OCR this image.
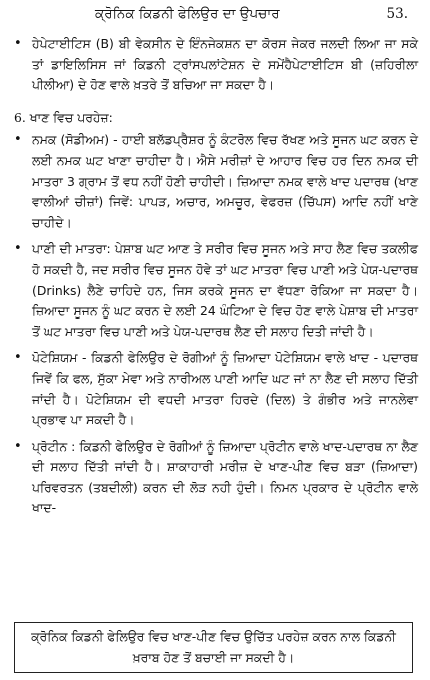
ਕ੍ਰੋਨਿਕ ਕਿਡਨੀ ਫੇਲਿਉਰ ਦਾ ਉਪਚਾਰ	53.
• ਹੇਪੇਟਾਈਟਿਸ (B) ਬੀ ਵੇਕਸੀਨ ਦੇ ਇੰਨਜੇਕਸ਼ਨ ਦਾ ਕੋਰਸ ਜੇਕਰ ਜਲਦੀ ਲਿਆ ਜਾ ਸਕੇ ਤਾਂ ਡਾਇਲਿਸਿਸ ਜਾਂ ਕਿਡਨੀ ਟ੍ਰਾਂਸਪਲਾਂਟੇਸ਼ਨ ਦੇ ਸਮੇਂਹੈਪੇਟਾਈਟਿਸ ਬੀ (ਜ਼ਹਿਰੀਲਾ ਪੀਲੀਆ) ਦੇ ਹੋਣ ਵਾਲੇ ਖ਼ਤਰੇ ਤੋਂ ਬਚਿਆ ਜਾ ਸਕਦਾ ਹੈ।
6. ਖਾਣ ਵਿਚ ਪਰਹੇਜ਼:
• ਨਮਕ (ਸੋਡੀਅਮ) - ਹਾਈ ਬਲੱਡਪ੍ਰੈਸ਼ਰ ਨੂੰ ਕੰਟਰੋਲ ਵਿਚ ਰੱਖਣ ਅਤੇ ਸੂਜਨ ਘਟ ਕਰਨ ਦੇ ਲਈ ਨਮਕ ਘਟ ਖਾਣਾ ਚਾਹੀਦਾ ਹੈ। ਐਸੇ ਮਰੀਜ਼ਾਂ ਦੇ ਆਹਾਰ ਵਿਚ ਹਰ ਦਿਨ ਨਮਕ ਦੀ ਮਾਤਰਾ 3 ਗ੍ਰਾਮ ਤੋਂ ਵਧ ਨਹੀਂ ਹੋਣੀ ਚਾਹੀਦੀ। ਜ਼ਿਆਦਾ ਨਮਕ ਵਾਲੇ ਖਾਦ ਪਦਾਰਥ (ਖਾਣ ਵਾਲੀਆਂ ਚੀਜ਼ਾਂ) ਜਿਵੇਂ: ਪਾਪੜ, ਅਚਾਰ, ਅਮਚੂਰ, ਵੇਫਰਜ਼ (ਚਿੱਪਸ) ਆਦਿ ਨਹੀਂ ਖਾਣੇ ਚਾਹੀਦੇ।
• ਪਾਣੀ ਦੀ ਮਾਤਰਾ: ਪੇਸ਼ਾਬ ਘਟ ਆਣ ਤੇ ਸਰੀਰ ਵਿਚ ਸੂਜਨ ਅਤੇ ਸਾਹ ਲੈਣ ਵਿਚ ਤਕਲੀਫ ਹੋ ਸਕਦੀ ਹੈ, ਜਦ ਸਰੀਰ ਵਿਚ ਸੂਜਨ ਹੋਵੇ ਤਾਂ ਘਟ ਮਾਤਰਾ ਵਿਚ ਪਾਣੀ ਅਤੇ ਪੇਯ-ਪਦਾਰਥ (Drinks) ਲੈਣੇ ਚਾਹਿਦੇ ਹਨ, ਜਿਸ ਕਰਕੇ ਸੂਜਨ ਦਾ ਵੱਧਣਾ ਰੋਕਿਆ ਜਾ ਸਕਦਾ ਹੈ। ਜ਼ਿਆਦਾ ਸੂਜਨ ਨੂੰ ਘਟ ਕਰਨ ਦੇ ਲਈ 24 ਘੰਟਿਆ ਦੇ ਵਿਚ ਹੋਣ ਵਾਲੇ ਪੇਸ਼ਾਬ ਦੀ ਮਾਤਰਾ ਤੋਂ ਘਟ ਮਾਤਰਾ ਵਿਚ ਪਾਣੀ ਅਤੇ ਪੇਯ-ਪਦਾਰਥ ਲੈਣ ਦੀ ਸਲਾਹ ਦਿਤੀ ਜਾਂਦੀ ਹੈ।
• ਪੋਟੇਸ਼ਿਯਮ - ਕਿਡਨੀ ਫੇਲਿਉਰ ਦੇ ਰੋਗੀਆਂ ਨੂੰ ਜ਼ਿਆਦਾ ਪੋਟੇਸ਼ਿਯਮ ਵਾਲੇ ਖਾਦ - ਪਦਾਰਥ ਜਿਵੇਂ ਕਿ ਫਲ, ਸੁੱਕਾ ਮੇਵਾ ਅਤੇ ਨਾਰੀਅਲ ਪਾਣੀ ਆਦਿ ਘਟ ਜਾਂ ਨਾ ਲੈਣ ਦੀ ਸਲਾਹ ਦਿੱਤੀ ਜਾਂਦੀ ਹੈ। ਪੋਟੇਸ਼ਿਯਮ ਦੀ ਵਧਦੀ ਮਾਤਰਾ ਹਿਰਦੇ (ਦਿਲ) ਤੇ ਗੰਭੀਰ ਅਤੇ ਜਾਨਲੇਵਾ ਪ੍ਰਭਾਵ ਪਾ ਸਕਦੀ ਹੈ।
• ਪ੍ਰੋਟੀਨ : ਕਿਡਨੀ ਫੇਲਿਉਰ ਦੇ ਰੋਗੀਆਂ ਨੂੰ ਜ਼ਿਆਦਾ ਪ੍ਰੋਟੀਨ ਵਾਲੇ ਖਾਦ-ਪਦਾਰਥ ਨਾ ਲੈਣ ਦੀ ਸਲਾਹ ਦਿੱਤੀ ਜਾਂਦੀ ਹੈ। ਸ਼ਾਕਾਹਾਰੀ ਮਰੀਜ਼ ਦੇ ਖਾਣ-ਪੀਣ ਵਿਚ ਬੜਾ (ਜ਼ਿਆਦਾ) ਪਰਿਵਰਤਨ (ਤਬਦੀਲੀ) ਕਰਨ ਦੀ ਲੋੜ ਨਹੀ ਹੁੰਦੀ। ਨਿਮਨ ਪ੍ਰਕਾਰ ਦੇ ਪ੍ਰੋਟੀਨ ਵਾਲੇ ਖਾਦ-
ਕ੍ਰੋਨਿਕ ਕਿਡਨੀ ਫੇਲਿਉਰ ਵਿਚ ਖਾਣ-ਪੀਣ ਵਿਚ ਉਚਿੱਤ ਪਰਹੇਜ਼ ਕਰਨ ਨਾਲ ਕਿਡਨੀ ਖ਼ਰਾਬ ਹੋਣ ਤੋਂ ਬਚਾਈ ਜਾ ਸਕਦੀ ਹੈ।
